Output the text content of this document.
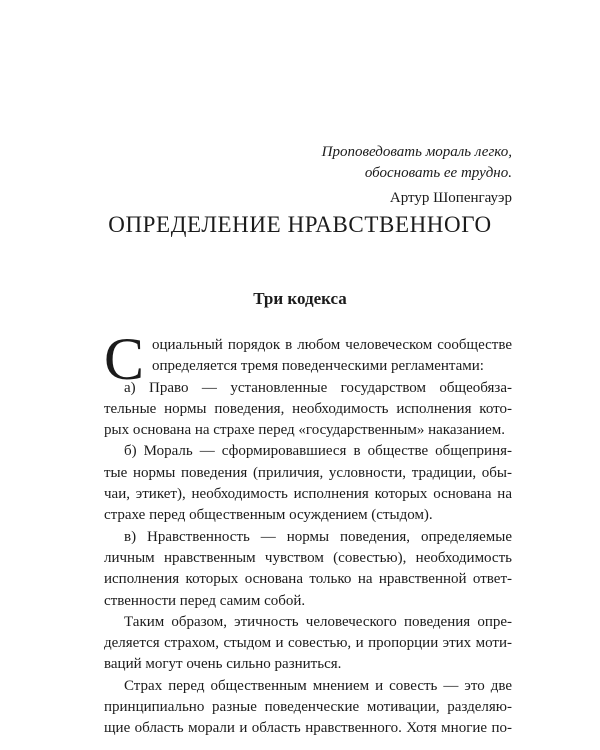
Проповедовать мораль легко,
обосновать ее трудно.
Артур Шопенгауэр
ОПРЕДЕЛЕНИЕ НРАВСТВЕННОГО
Три кодекса
С оциальный порядок в любом человеческом сообществе
определяется тремя поведенческими регламентами:
а) Право — установленные государством общеобяза-
тельные нормы поведения, необходимость исполнения кото-
рых основана на страхе перед «государственным» наказанием.
б) Мораль — сформировавшиеся в обществе общеприня-
тые нормы поведения (приличия, условности, традиции, обы-
чаи, этикет), необходимость исполнения которых основана на
страхе перед общественным осуждением (стыдом).
в) Нравственность — нормы поведения, определяемые
личным нравственным чувством (совестью), необходимость
исполнения которых основана только на нравственной ответ-
ственности перед самим собой.
Таким образом, этичность человеческого поведения опре-
деляется страхом, стыдом и совестью, и пропорции этих моти-
ваций могут очень сильно разниться.
Страх перед общественным мнением и совесть — это две
принципиально разные поведенческие мотивации, разделяю-
щие область морали и область нравственного. Хотя многие по-
